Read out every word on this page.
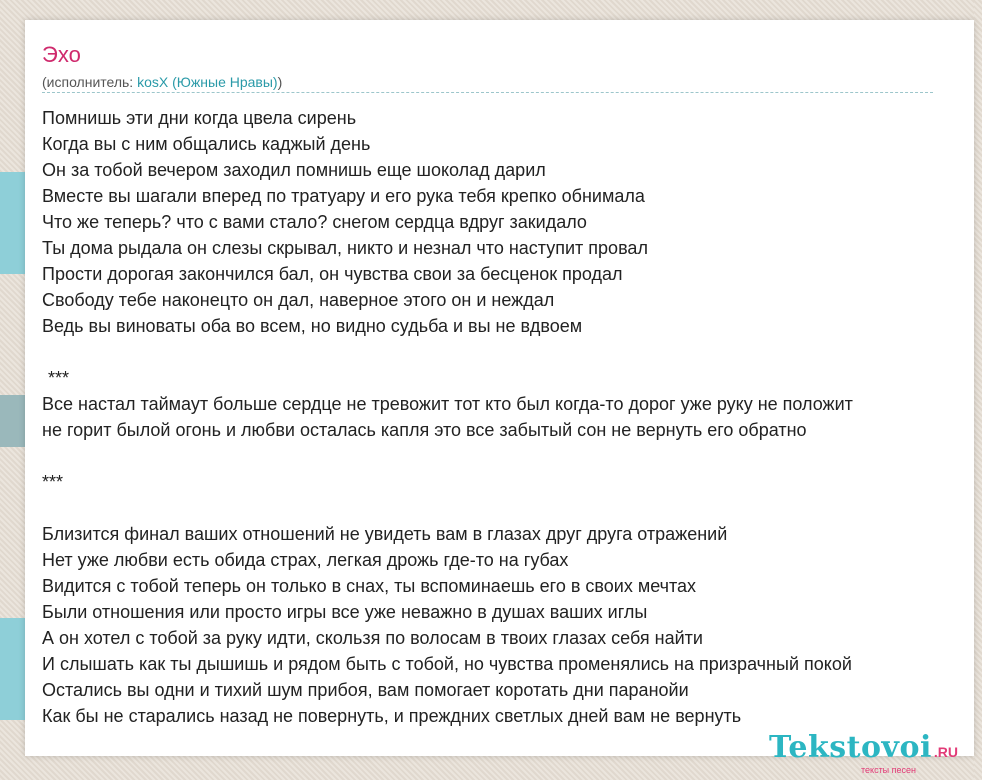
Эхо
(исполнитель: kosX (Южные Нравы))
Помнишь эти дни когда цвела сирень
Когда вы с ним общались каджый день
Он за тобой вечером заходил помнишь еще шоколад дарил
Вместе вы шагали вперед по тратуару и его рука тебя крепко обнимала
Что же теперь? что с вами стало? снегом сердца вдруг закидало
Ты дома рыдала он слезы скрывал, никто и незнал что наступит провал
Прости дорогая закончился бал, он чувства свои за бесценок продал
Свободу тебе наконецто он дал, наверное этого он и неждал
Ведь вы виноваты оба во всем, но видно судьба и вы не вдвоем
***
Все настал таймаут больше сердце не тревожит тот кто был когда-то дорог уже руку не положит
не горит былой огонь и любви осталась капля это все забытый сон не вернуть его обратно
***
Близится финал ваших отношений не увидеть вам в глазах друг друга отражений
Нет уже любви есть обида страх, легкая дрожь где-то на губах
Видится с тобой теперь он только в снах, ты вспоминаешь его в своих мечтах
Были отношения или просто игры все уже неважно в душах ваших иглы
А он хотел с тобой за руку идти, скользя по волосам в твоих глазах себя найти
И слышать как ты дышишь и рядом быть с тобой, но чувства променялись на призрачный покой
Остались вы одни и тихий шум прибоя, вам помогает коротать дни паранойи
Как бы не старались назад не повернуть, и преждних светлых дней вам не вернуть
Tekstovoi .RU
тексты песен
